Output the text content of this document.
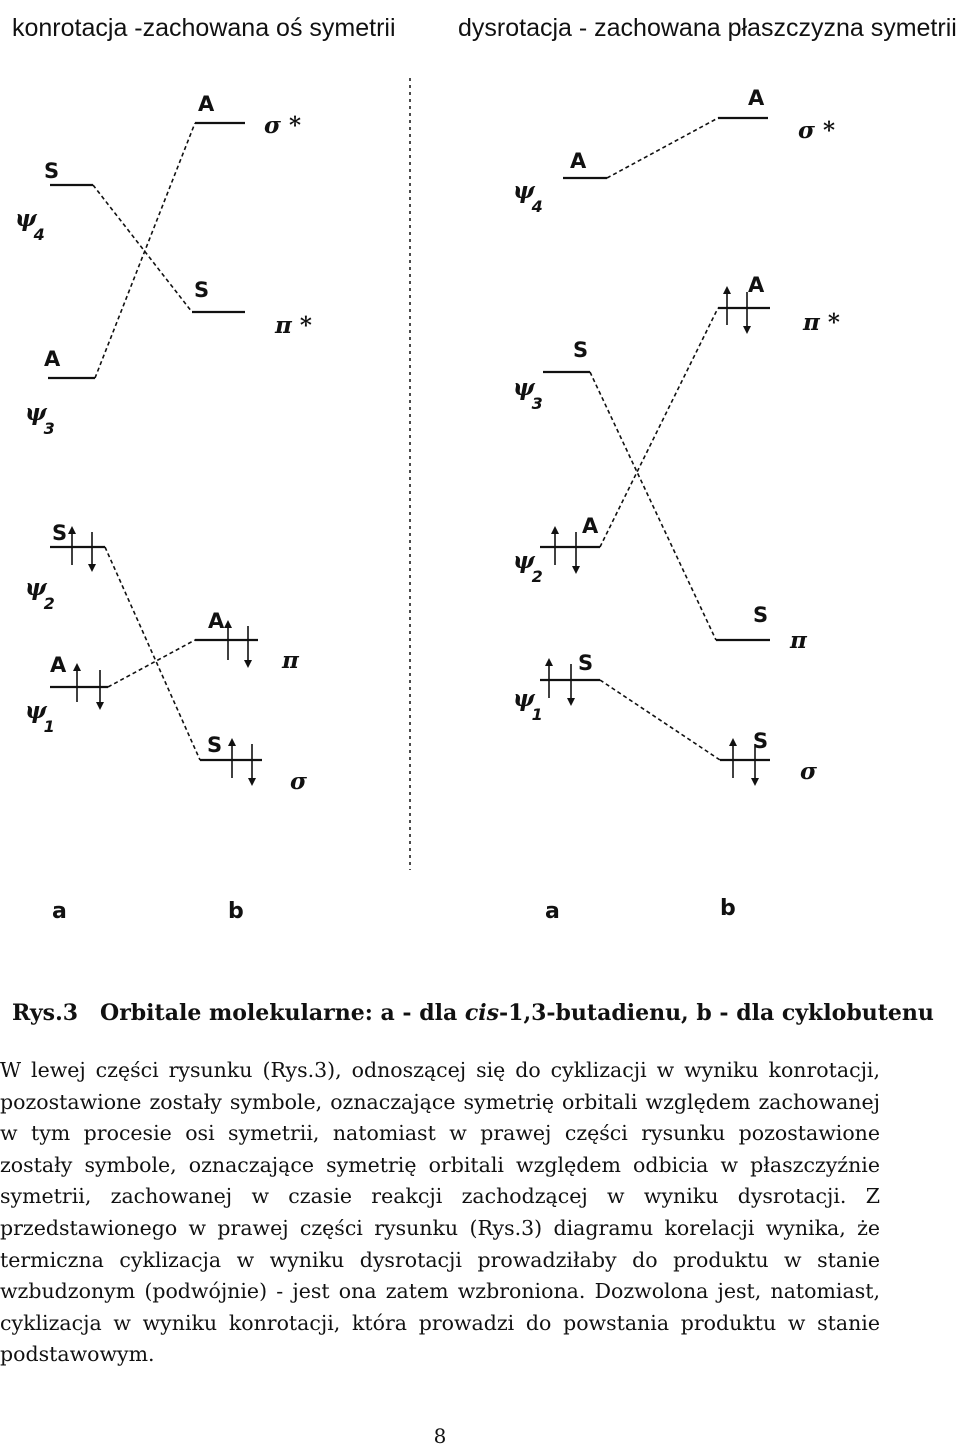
konrotacja -zachowana oś symetrii	dysrotacja - zachowana płaszczyzna symetrii
A
S
S
A
S
A
A
S
ψ 4
ψ 3
ψ 2
ψ 1
σ *
π *
π
σ
a	b
A
A
A
S
A
S
S
S
ψ 4
ψ 3
ψ 2
ψ 1
σ *
π *
π
σ
a	b
Rys.3 Orbitale molekularne: a - dla cis-1,3-butadienu, b - dla cyklobutenu

W lewej części rysunku (Rys.3), odnoszącej się do cyklizacji w wyniku konrotacji, pozostawione zostały symbole, oznaczające symetrię orbitali względem zachowanej w tym procesie osi symetrii, natomiast w prawej części rysunku pozostawione zostały symbole, oznaczające symetrię orbitali względem odbicia w płaszczyźnie symetrii, zachowanej w czasie reakcji zachodzącej w wyniku dysrotacji. Z przedstawionego w prawej części rysunku (Rys.3) diagramu korelacji wynika, że termiczna cyklizacja w wyniku dysrotacji prowadziłaby do produktu w stanie wzbudzonym (podwójnie) - jest ona zatem wzbroniona. Dozwolona jest, natomiast, cyklizacja w wyniku konrotacji, która prowadzi do powstania produktu w stanie podstawowym.

8
